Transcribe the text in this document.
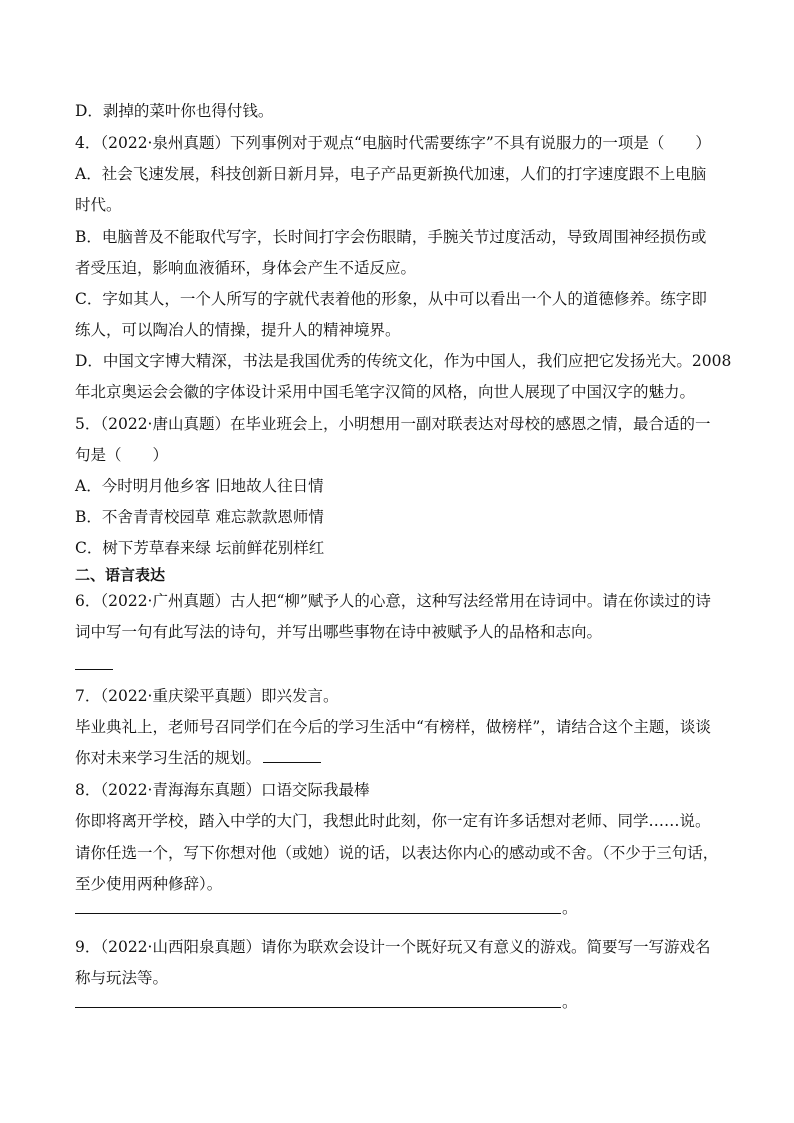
D．剥掉的菜叶你也得付钱。

4．（2022·泉州真题）下列事例对于观点“电脑时代需要练字”不具有说服力的一项是（　　）

A．社会飞速发展，科技创新日新月异，电子产品更新换代加速，人们的打字速度跟不上电脑

时代。

B．电脑普及不能取代写字，长时间打字会伤眼睛，手腕关节过度活动，导致周围神经损伤或

者受压迫，影响血液循环，身体会产生不适反应。

C．字如其人，一个人所写的字就代表着他的形象，从中可以看出一个人的道德修养。练字即

练人，可以陶冶人的情操，提升人的精神境界。

D．中国文字博大精深，书法是我国优秀的传统文化，作为中国人，我们应把它发扬光大。2008

年北京奥运会会徽的字体设计采用中国毛笔字汉简的风格，向世人展现了中国汉字的魅力。

5．（2022·唐山真题）在毕业班会上，小明想用一副对联表达对母校的感恩之情，最合适的一

句是（　　）

A．今时明月他乡客 旧地故人往日情

B．不舍青青校园草 难忘款款恩师情

C．树下芳草春来绿 坛前鲜花别样红

二、语言表达

6．（2022·广州真题）古人把“柳”赋予人的心意，这种写法经常用在诗词中。请在你读过的诗

词中写一句有此写法的诗句，并写出哪些事物在诗中被赋予人的品格和志向。

7．（2022·重庆梁平真题）即兴发言。

毕业典礼上，老师号召同学们在今后的学习生活中“有榜样，做榜样”，请结合这个主题，谈谈

你对未来学习生活的规划。

8．（2022·青海海东真题）口语交际我最棒

你即将离开学校，踏入中学的大门，我想此时此刻，你一定有许多话想对老师、同学……说。

请你任选一个，写下你想对他（或她）说的话，以表达你内心的感动或不舍。（不少于三句话，

至少使用两种修辞）。

。

9．（2022·山西阳泉真题）请你为联欢会设计一个既好玩又有意义的游戏。简要写一写游戏名

称与玩法等。

。
